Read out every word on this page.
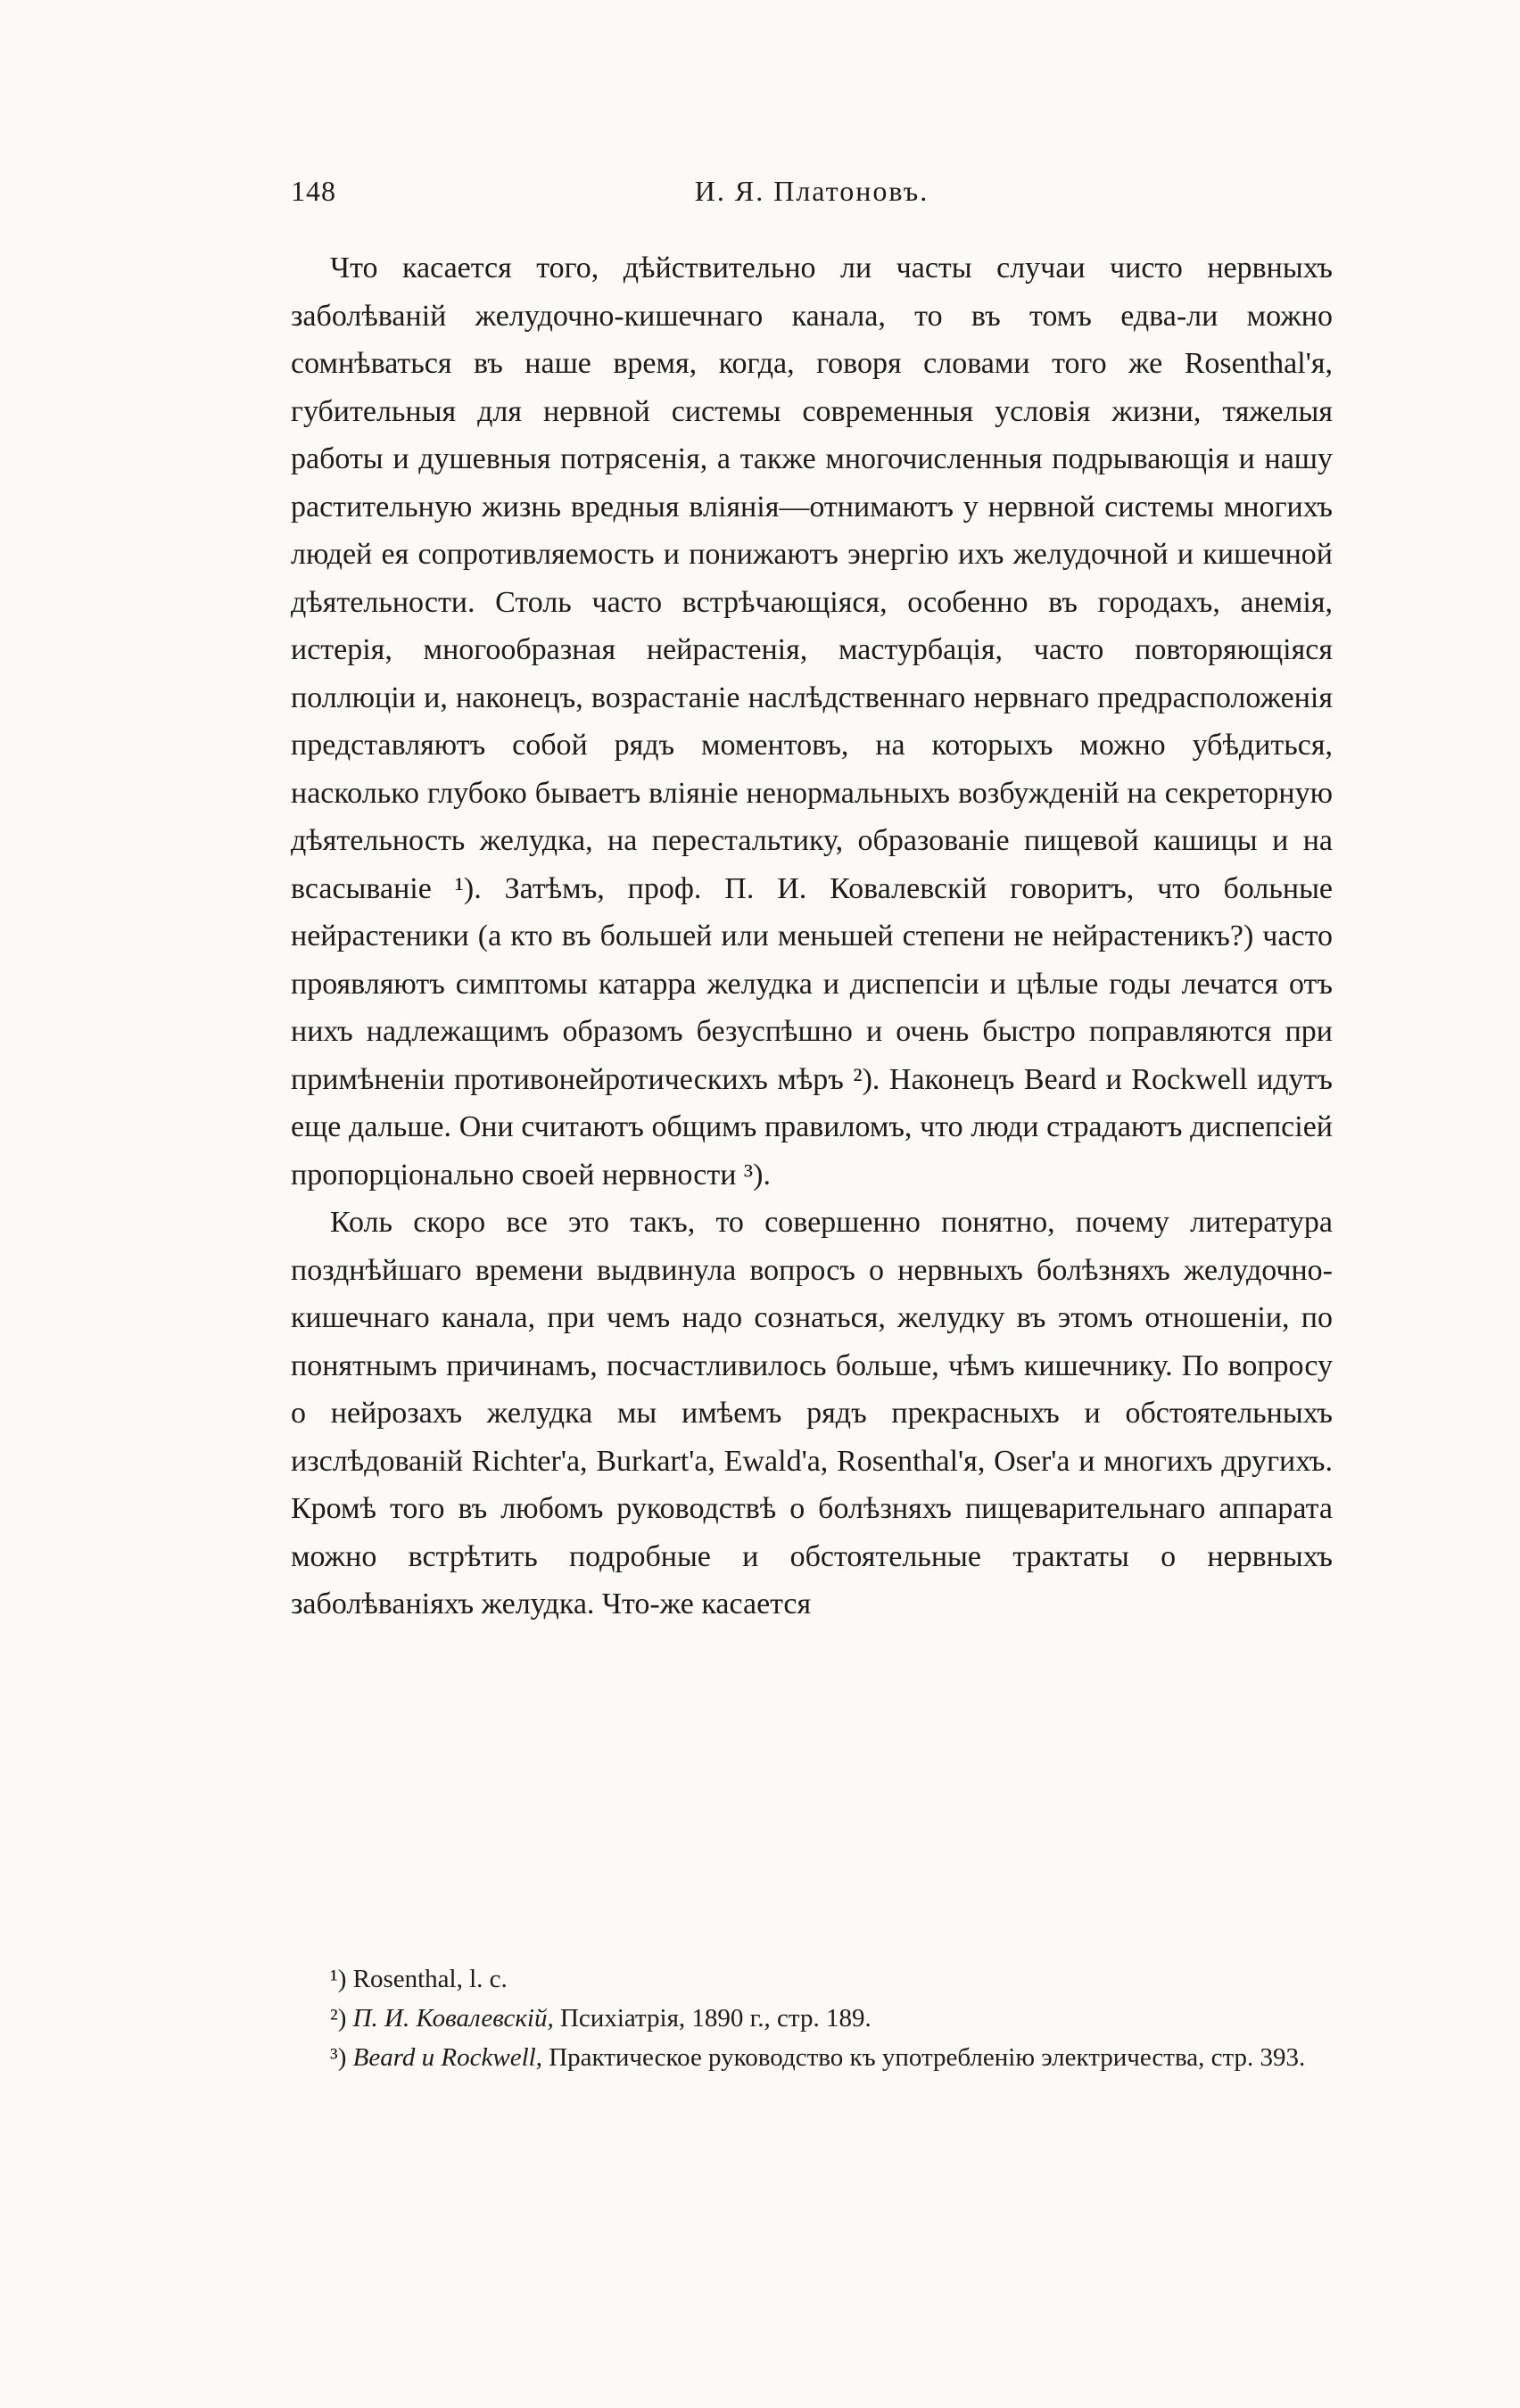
148	И. Я. Платоновъ.

Что касается того, дѣйствительно ли часты случаи чисто нервныхъ заболѣваній желудочно-кишечнаго канала, то въ томъ едва-ли можно сомнѣваться въ наше время, когда, говоря словами того же Rosenthal'я, губительныя для нервной системы современныя условія жизни, тяжелыя работы и душевныя потрясенія, а также многочисленныя подрывающія и нашу растительную жизнь вредныя вліянія—отнимаютъ у нервной системы многихъ людей ея сопротивляемость и понижаютъ энергію ихъ желудочной и кишечной дѣятельности. Столь часто встрѣчающіяся, особенно въ городахъ, анемія, истерія, многообразная нейрастенія, мастурбація, часто повторяющіяся поллюціи и, наконецъ, возрастаніе наслѣдственнаго нервнаго предрасположенія представляютъ собой рядъ моментовъ, на которыхъ можно убѣдиться, насколько глубоко бываетъ вліяніе ненормальныхъ возбужденій на секреторную дѣятельность желудка, на перестальтику, образованіе пищевой кашицы и на всасываніе ¹). Затѣмъ, проф. П. И. Ковалевскій говоритъ, что больные нейрастеники (а кто въ большей или меньшей степени не нейрастеникъ?) часто проявляютъ симптомы катарра желудка и диспепсіи и цѣлые годы лечатся отъ нихъ надлежащимъ образомъ безуспѣшно и очень быстро поправляются при примѣненіи противонейротическихъ мѣръ ²). Наконецъ Beard и Rockwell идутъ еще дальше. Они считаютъ общимъ правиломъ, что люди страдаютъ диспепсіей пропорціонально своей нервности ³).

Коль скоро все это такъ, то совершенно понятно, почему литература позднѣйшаго времени выдвинула вопросъ о нервныхъ болѣзняхъ желудочно-кишечнаго канала, при чемъ надо сознаться, желудку въ этомъ отношеніи, по понятнымъ причинамъ, посчастливилось больше, чѣмъ кишечнику. По вопросу о нейрозахъ желудка мы имѣемъ рядъ прекрасныхъ и обстоятельныхъ изслѣдованій Richter'a, Burkart'a, Ewald'a, Rosenthal'я, Oser'a и многихъ другихъ. Кромѣ того въ любомъ руководствѣ о болѣзняхъ пищеварительнаго аппарата можно встрѣтить подробные и обстоятельные трактаты о нервныхъ заболѣваніяхъ желудка. Что-же касается

¹) Rosenthal, l. c.
²) П. И. Ковалевскій, Психіатрія, 1890 г., стр. 189.
³) Beard и Rockwell, Практическое руководство къ употребленію электричества, стр. 393.
